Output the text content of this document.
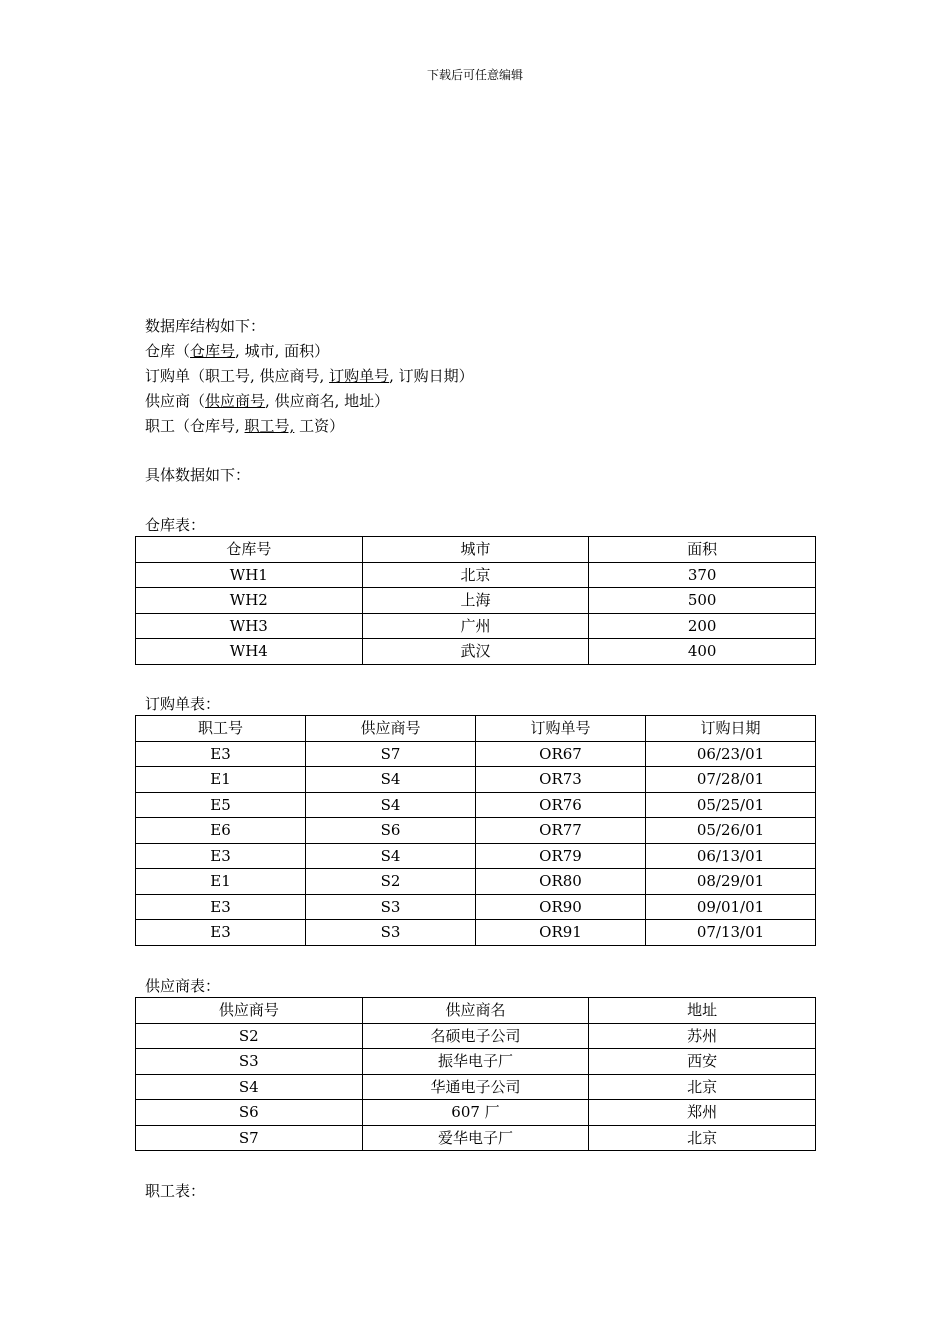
下载后可任意编辑
数据库结构如下：
仓库（仓库号, 城市, 面积）
订购单（职工号, 供应商号, 订购单号, 订购日期）
供应商（供应商号, 供应商名, 地址）
职工（仓库号, 职工号, 工资）
具体数据如下：
仓库表：
仓库号	城市	面积
WH1	北京	370
WH2	上海	500
WH3	广州	200
WH4	武汉	400
订购单表：
职工号	供应商号	订购单号	订购日期
E3	S7	OR67	06/23/01
E1	S4	OR73	07/28/01
E5	S4	OR76	05/25/01
E6	S6	OR77	05/26/01
E3	S4	OR79	06/13/01
E1	S2	OR80	08/29/01
E3	S3	OR90	09/01/01
E3	S3	OR91	07/13/01
供应商表：
供应商号	供应商名	地址
S2	名硕电子公司	苏州
S3	振华电子厂	西安
S4	华通电子公司	北京
S6	607 厂	郑州
S7	爱华电子厂	北京
职工表：
